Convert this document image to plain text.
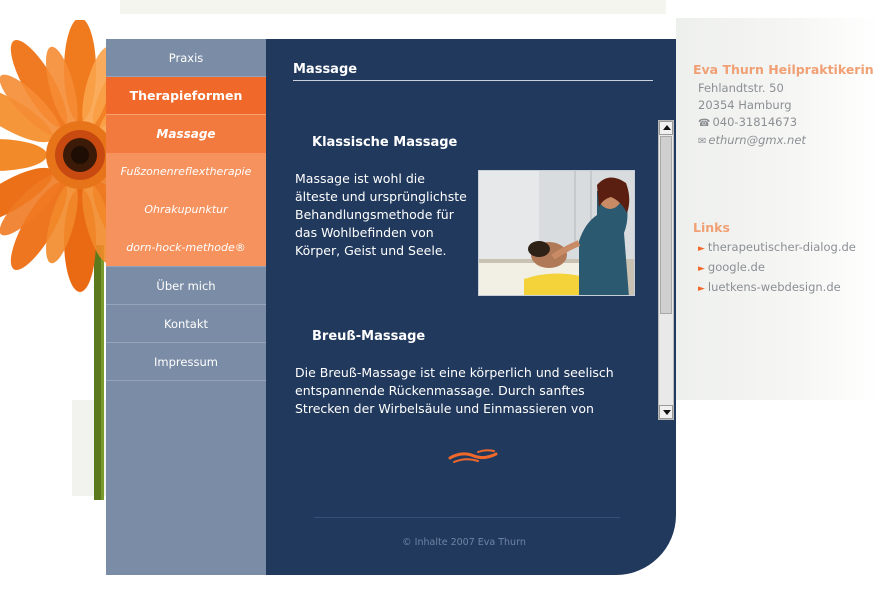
Praxis
Therapieformen
Massage
Fußzonenreflextherapie
Ohrakupunktur
dorn-hock-methode®
Über mich
Kontakt
Impressum
Massage
Klassische Massage

Massage ist wohl die älteste und ursprünglichste Behandlungsmethode für das Wohlbefinden von Körper, Geist und Seele.

Breuß-Massage

Die Breuß-Massage ist eine körperlich und seelisch entspannende Rückenmassage. Durch sanftes Strecken der Wirbelsäule und Einmassieren von

© Inhalte 2007 Eva Thurn
Eva Thurn Heilpraktikerin
Fehlandtstr. 50
20354 Hamburg
☎ 040-31814673
✉ ethurn@gmx.net
Links
► therapeutischer-dialog.de
► google.de
► luetkens-webdesign.de
